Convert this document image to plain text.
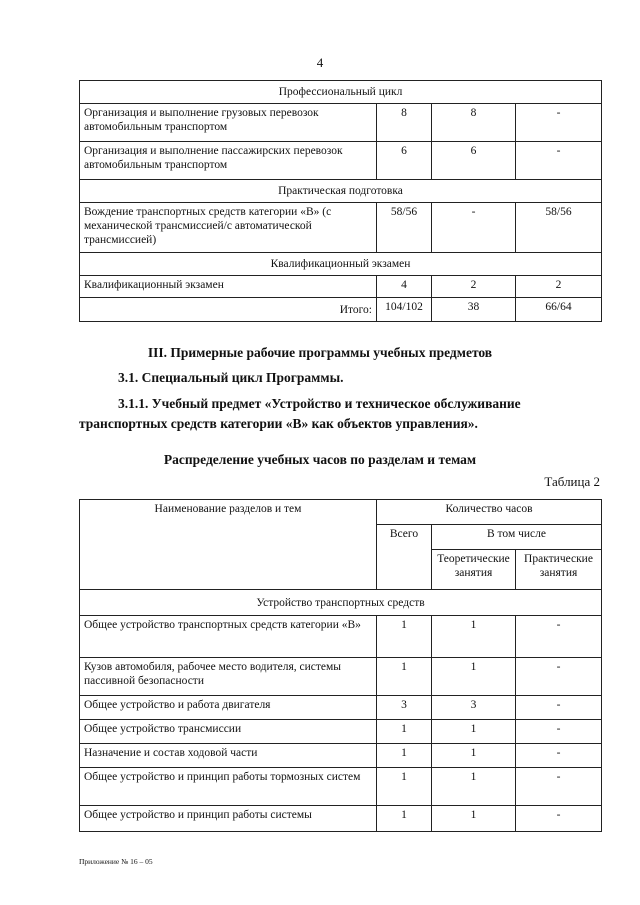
4
Профессиональный цикл			
Организация и выполнение грузовых перевозок автомобильным транспортом	8	8	-
Организация и выполнение пассажирских перевозок автомобильным транспортом	6	6	-
Практическая подготовка			
Вождение транспортных средств категории «В» (с механической трансмиссией/с автоматической трансмиссией)	58/56	-	58/56
Квалификационный экзамен			
Квалификационный экзамен	4	2	2
Итого:	104/102	38	66/64
III. Примерные рабочие программы учебных предметов
3.1. Специальный цикл Программы.
3.1.1. Учебный предмет «Устройство и техническое обслуживание транспортных средств категории «В» как объектов управления».
Распределение учебных часов по разделам и темам
Таблица 2
Наименование разделов и тем	Количество часов		
	Всего	В том числе	
		Теоретические занятия	Практические занятия
Устройство транспортных средств			
Общее устройство транспортных средств категории «В»	1	1	-
Кузов автомобиля, рабочее место водителя, системы пассивной безопасности	1	1	-
Общее устройство и работа двигателя	3	3	-
Общее устройство трансмиссии	1	1	-
Назначение и состав ходовой части	1	1	-
Общее устройство и принцип работы тормозных систем	1	1	-
Общее устройство и принцип работы системы	1	1	-
Приложение № 16 – 05
